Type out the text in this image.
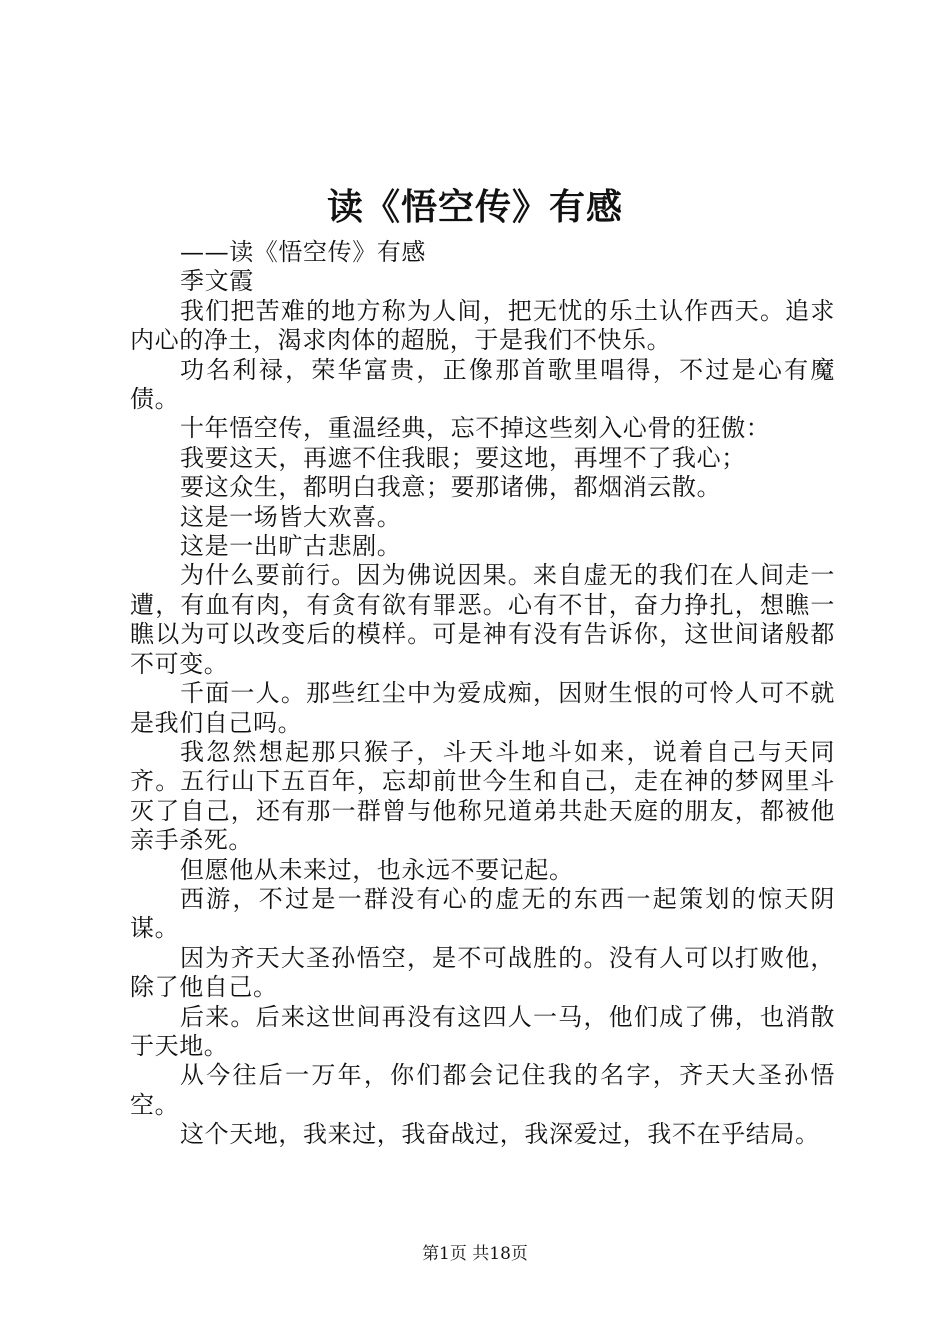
读《悟空传》有感

——读《悟空传》有感

季文霞

我们把苦难的地方称为人间，把无忧的乐土认作西天。追求内心的净土，渴求肉体的超脱，于是我们不快乐。

功名利禄，荣华富贵，正像那首歌里唱得，不过是心有魔债。

十年悟空传，重温经典，忘不掉这些刻入心骨的狂傲：

我要这天，再遮不住我眼；要这地，再埋不了我心；

要这众生，都明白我意；要那诸佛，都烟消云散。

这是一场皆大欢喜。

这是一出旷古悲剧。

为什么要前行。因为佛说因果。来自虚无的我们在人间走一遭，有血有肉，有贪有欲有罪恶。心有不甘，奋力挣扎，想瞧一瞧以为可以改变后的模样。可是神有没有告诉你，这世间诸般都不可变。

千面一人。那些红尘中为爱成痴，因财生恨的可怜人可不就是我们自己吗。

我忽然想起那只猴子，斗天斗地斗如来，说着自己与天同齐。五行山下五百年，忘却前世今生和自己，走在神的梦网里斗灭了自己，还有那一群曾与他称兄道弟共赴天庭的朋友，都被他亲手杀死。

但愿他从未来过，也永远不要记起。

西游，不过是一群没有心的虚无的东西一起策划的惊天阴谋。

因为齐天大圣孙悟空，是不可战胜的。没有人可以打败他，除了他自己。

后来。后来这世间再没有这四人一马，他们成了佛，也消散于天地。

从今往后一万年，你们都会记住我的名字，齐天大圣孙悟空。

这个天地，我来过，我奋战过，我深爱过，我不在乎结局。

第1页 共18页
